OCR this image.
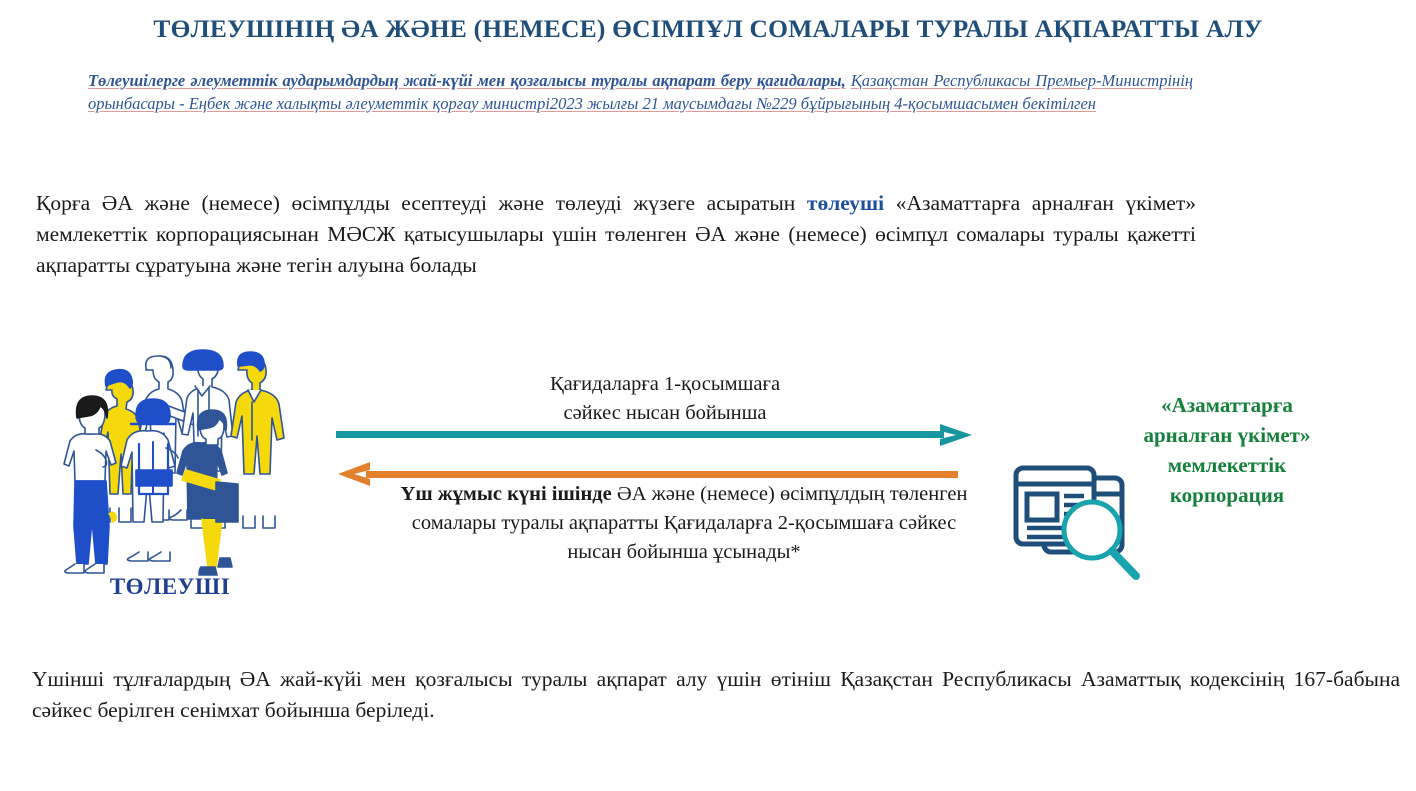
ТӨЛЕУШІНІҢ ӘА ЖӘНЕ (НЕМЕСЕ) ӨСІМПҰЛ СОМАЛАРЫ ТУРАЛЫ АҚПАРАТТЫ АЛУ
Төлеушілерге әлеуметтік аударымдардың жай-күйі мен қозғалысы туралы ақпарат беру қағидалары, Қазақстан Республикасы Премьер-Министрінің орынбасары - Еңбек және халықты әлеуметтік қорғау министрі2023 жылғы 21 маусымдағы №229 бұйрығының 4-қосымшасымен бекітілген

Қорға ӘА және (немесе) өсімпұлды есептеуді және төлеуді жүзеге асыратын төлеуші «Азаматтарға арналған үкімет» мемлекеттік корпорациясынан МӘСЖ қатысушылары үшін төленген ӘА және (немесе) өсімпұл сомалары туралы қажетті ақпаратты сұратуына және тегін алуына болады

ТӨЛЕУШІ
Қағидаларға 1-қосымшаға
сәйкес нысан бойынша
Үш жұмыс күні ішінде ӘА және (немесе) өсімпұлдың төленген сомалары туралы ақпаратты Қағидаларға 2-қосымшаға сәйкес нысан бойынша ұсынады*
«Азаматтарға
арналған үкімет»
мемлекеттік
корпорация

Үшінші тұлғалардың ӘА жай-күйі мен қозғалысы туралы ақпарат алу үшін өтініш Қазақстан Республикасы Азаматтық кодексінің 167-бабына сәйкес берілген сенімхат бойынша беріледі.
